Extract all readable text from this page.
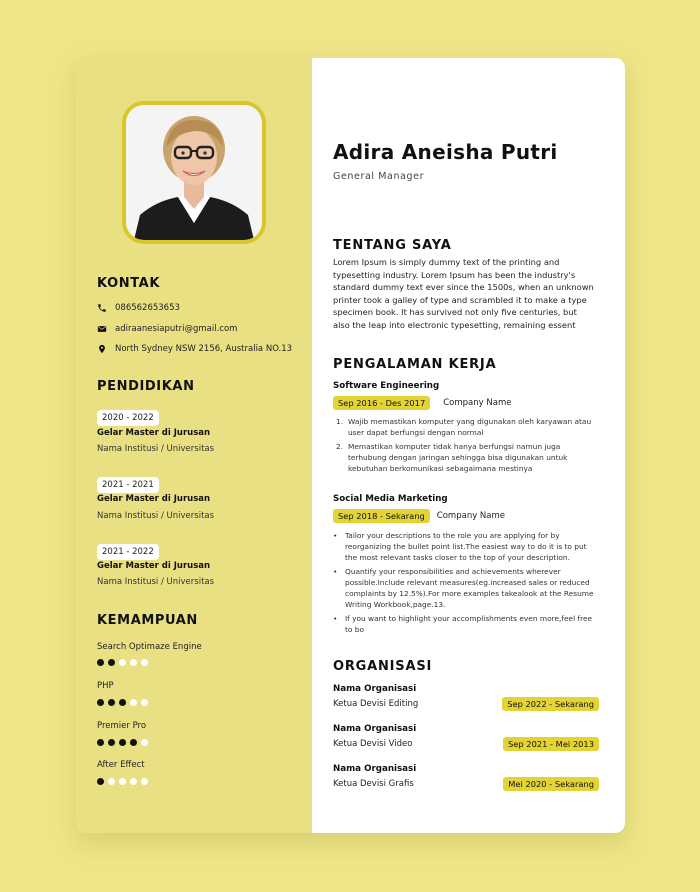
KONTAK
086562653653
adiraanesiaputri@gmail.com
North Sydney NSW 2156, Australia NO.13
PENDIDIKAN
2020 - 2022
Gelar Master di Jurusan
Nama Institusi / Universitas
2021 - 2021
Gelar Master di Jurusan
Nama Institusi / Universitas
2021 - 2022
Gelar Master di Jurusan
Nama Institusi / Universitas
KEMAMPUAN
Search Optimaze Engine
PHP
Premier Pro
After Effect
Adira Aneisha Putri
General Manager
TENTANG SAYA
Lorem Ipsum is simply dummy text of the printing and typesetting industry. Lorem Ipsum has been the industry's standard dummy text ever since the 1500s, when an unknown printer took a galley of type and scrambled it to make a type specimen book. It has survived not only five centuries, but also the leap into electronic typesetting, remaining essent
PENGALAMAN KERJA
Software Engineering
Sep 2016 - Des 2017	Company Name
1. Wajib memastikan komputer yang digunakan oleh karyawan atau user dapat berfungsi dengan normal
2. Memastikan komputer tidak hanya berfungsi namun juga terhubung dengan jaringan sehingga bisa digunakan untuk kebutuhan berkomunikasi sebagaimana mestinya
Social Media Marketing
Sep 2018 - Sekarang	Company Name
•	Tailor your descriptions to the role you are applying for by reorganizing the bullet point list.The easiest way to do it is to put the most relevant tasks closer to the top of your description.
•	Quantify your responsibilities and achievements wherever possible.Include relevant measures(eg.increased sales or reduced complaints by 12.5%).For more examples takealook at the Resume Writing Workbook,page.13.
•	If you want to highlight your accomplishments even more,feel free to bo
ORGANISASI
Nama Organisasi
Ketua Devisi Editing	Sep 2022 - Sekarang
Nama Organisasi
Ketua Devisi Video	Sep 2021 - Mei 2013
Nama Organisasi
Ketua Devisi Grafis	Mei 2020 - Sekarang
